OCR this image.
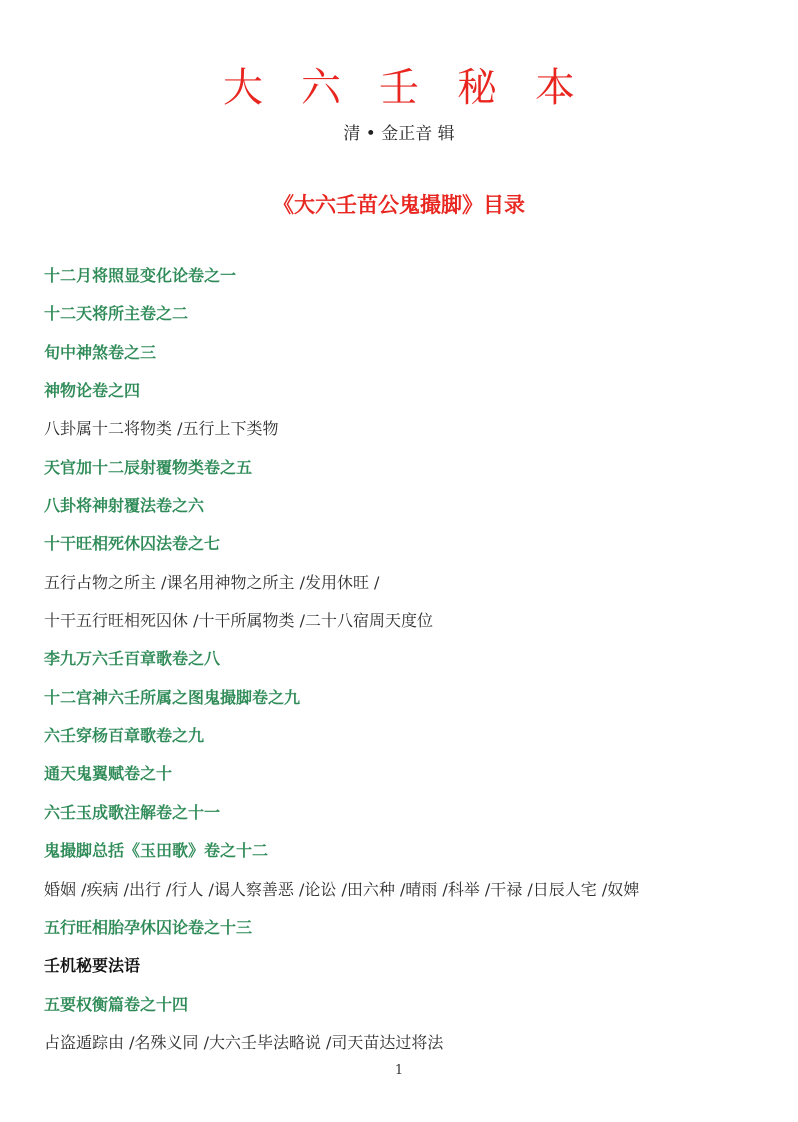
大 六 壬 秘 本
清 • 金正音 辑
《大六壬苗公鬼撮脚》目录
十二月将照显变化论卷之一
十二天将所主卷之二
旬中神煞卷之三
神物论卷之四
八卦属十二将物类 /五行上下类物
天官加十二辰射覆物类卷之五
八卦将神射覆法卷之六
十干旺相死休囚法卷之七
五行占物之所主 /课名用神物之所主 /发用休旺 /
十干五行旺相死囚休 /十干所属物类 /二十八宿周天度位
李九万六壬百章歌卷之八
十二宫神六壬所属之图鬼撮脚卷之九
六壬穿杨百章歌卷之九
通天鬼翼赋卷之十
六壬玉成歌注解卷之十一
鬼撮脚总括《玉田歌》卷之十二
婚姻 /疾病 /出行 /行人 /谒人察善恶 /论讼 /田六种 /晴雨 /科举 /干禄 /日辰人宅 /奴婢
五行旺相胎孕休囚论卷之十三
壬机秘要法语
五要权衡篇卷之十四
占盗遁踪由 /名殊义同 /大六壬毕法略说 /司天苗达过将法
1
